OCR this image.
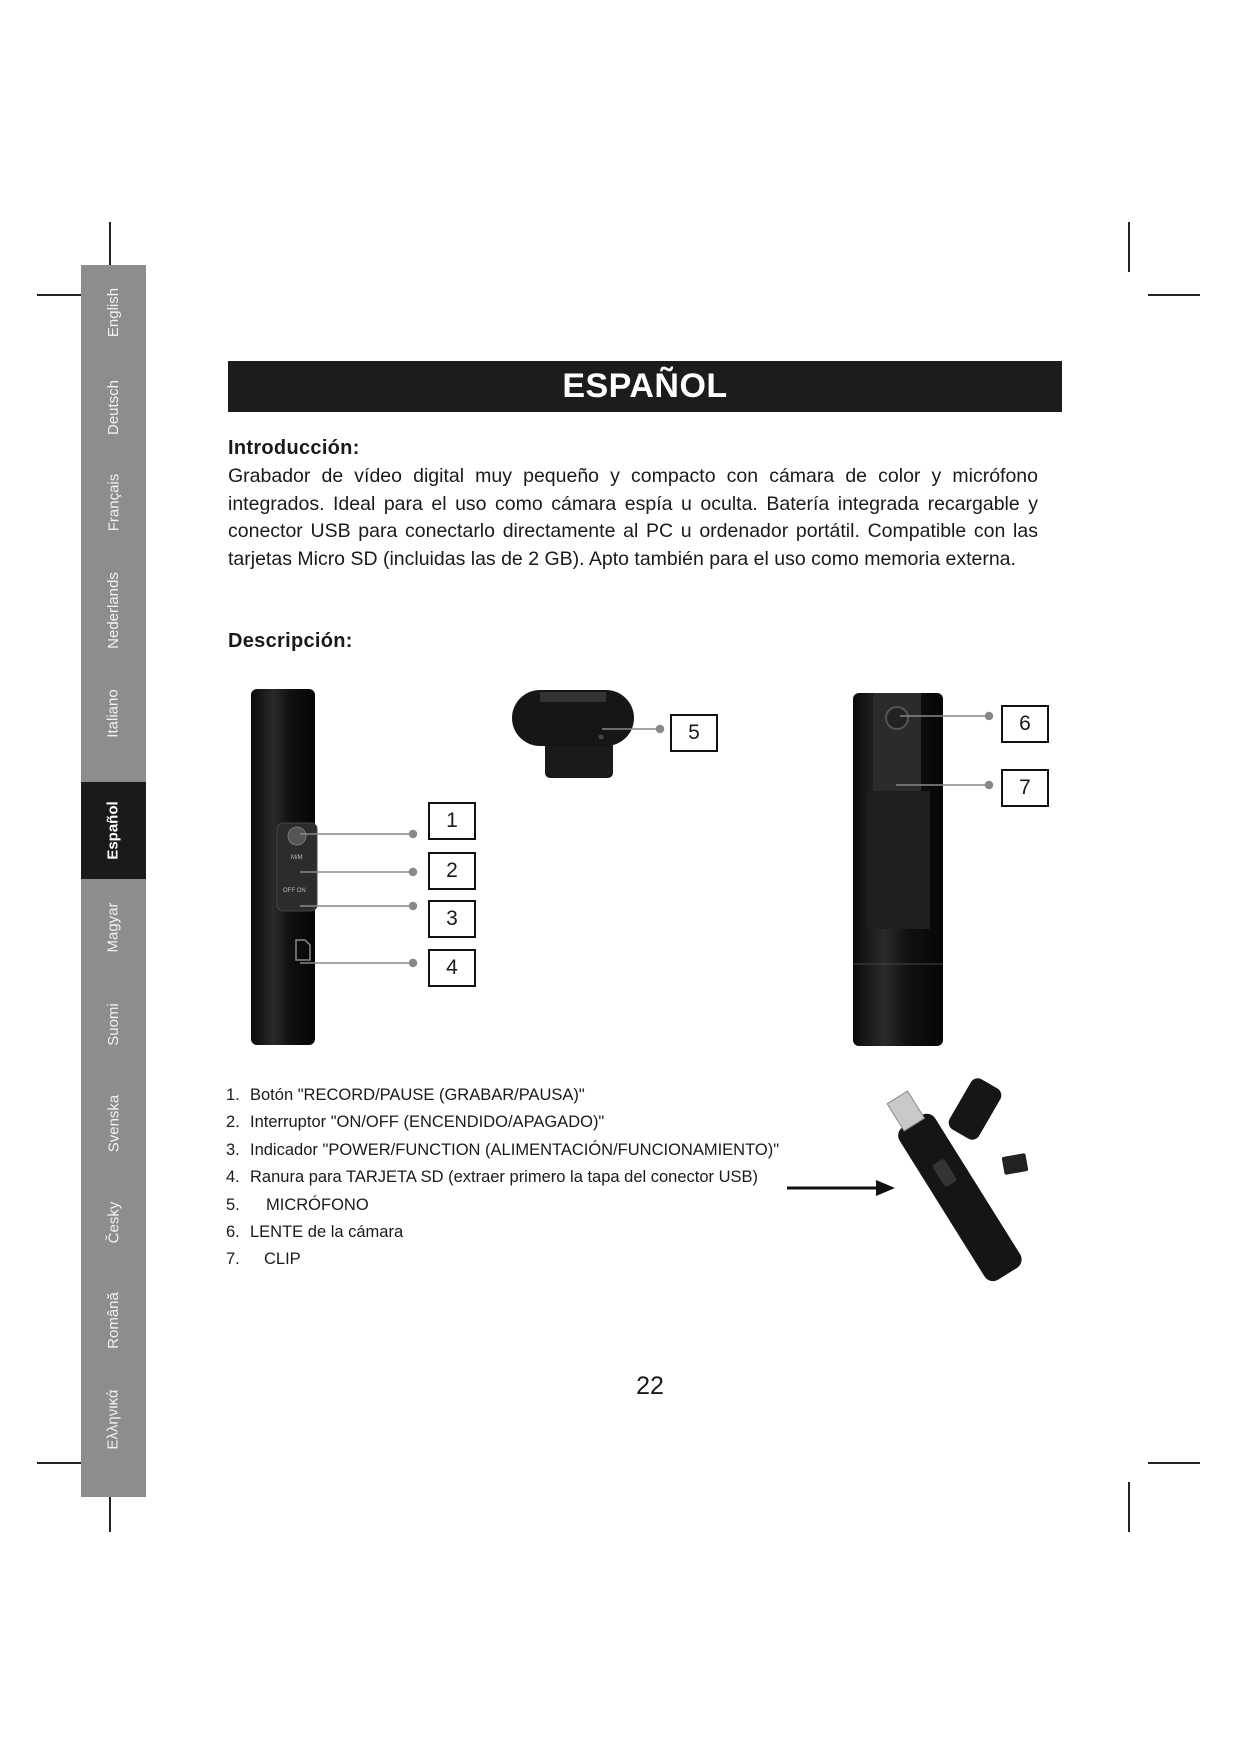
English
Deutsch
Français
Nederlands
Italiano
Español
Magyar
Suomi
Svenska
Česky
Română
Ελληνικά
ESPAÑOL
Introducción:
Grabador de vídeo digital muy pequeño y compacto con cámara de color y micrófono integrados. Ideal para el uso como cámara espía u oculta. Batería integrada recargable y conector USB para conectarlo directamente al PC u ordenador portátil. Compatible con las tarjetas Micro SD (incluidas las de 2 GB). Apto también para el uso como memoria externa.
Descripción:
M/M
OFF ON
1
2
3
4
5	6
7
1. Botón "RECORD/PAUSE (GRABAR/PAUSA)"
2. Interruptor "ON/OFF (ENCENDIDO/APAGADO)"
3. Indicador "POWER/FUNCTION (ALIMENTACIÓN/FUNCIONAMIENTO)"
4. Ranura para TARJETA SD (extraer primero la tapa del conector USB)
5. MICRÓFONO
6. LENTE de la cámara
7. CLIP
22
